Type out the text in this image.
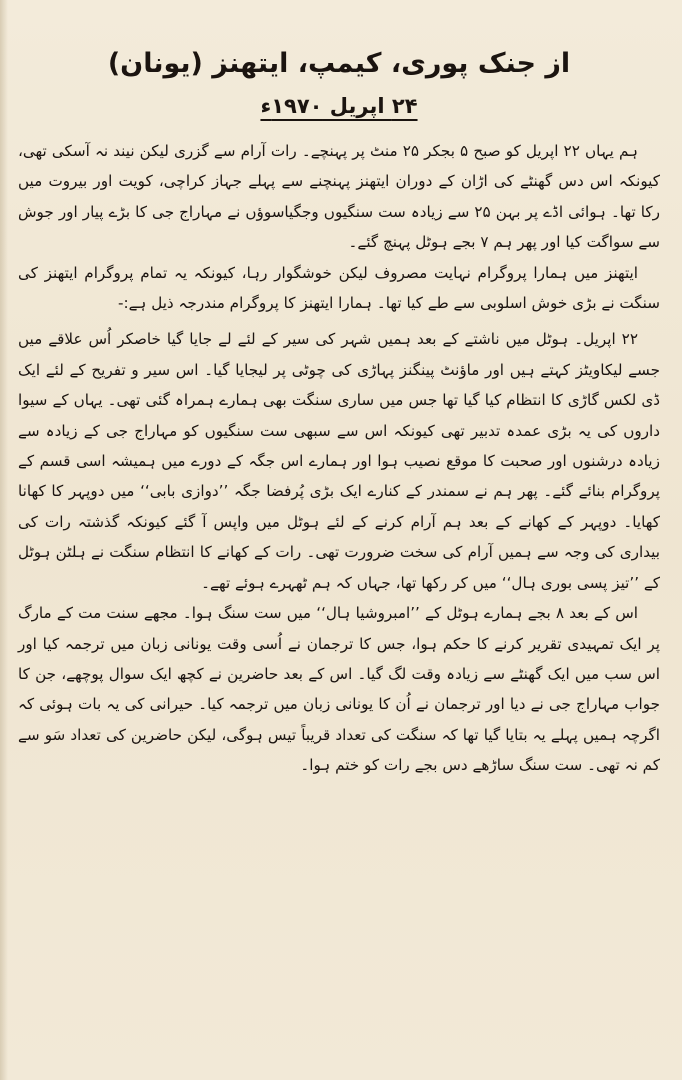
از جنک پوری، کیمپ، ایتھنز (یونان)
۲۴ اپریل ۱۹۷۰ء

ہم یہاں ۲۲ اپریل کو صبح ۵ بجکر ۲۵ منٹ پر پہنچے۔ رات آرام سے گزری لیکن نیند نہ آسکی تھی، کیونکہ اس دس گھنٹے کی اڑان کے دوران ایتھنز پہنچنے سے پہلے جہاز کراچی، کویت اور بیروت میں رکا تھا۔ ہوائی اڈے پر بہن ۲۵ سے زیادہ ست سنگیوں وجگیاسوؤں نے مہاراج جی کا بڑے پیار اور جوش سے سواگت کیا اور پھر ہم ۷ بجے ہوٹل پہنچ گئے۔

ایتھنز میں ہمارا پروگرام نہایت مصروف لیکن خوشگوار رہا، کیونکہ یہ تمام پروگرام ایتھنز کی سنگت نے بڑی خوش اسلوبی سے طے کیا تھا۔ ہمارا ایتھنز کا پروگرام مندرجہ ذیل ہے:-

۲۲ اپریل۔ ہوٹل میں ناشتے کے بعد ہمیں شہر کی سیر کے لئے لے جایا گیا خاصکر اُس علاقے میں جسے لیکاویٹز کہتے ہیں اور ماؤنٹ پینگنز پہاڑی کی چوٹی پر لیجایا گیا۔ اس سیر و تفریح کے لئے ایک ڈی لکس گاڑی کا انتظام کیا گیا تھا جس میں ساری سنگت بھی ہمارے ہمراہ گئی تھی۔ یہاں کے سیوا داروں کی یہ بڑی عمدہ تدبیر تھی کیونکہ اس سے سبھی ست سنگیوں کو مہاراج جی کے زیادہ سے زیادہ درشنوں اور صحبت کا موقع نصیب ہوا اور ہمارے اس جگہ کے دورے میں ہمیشہ اسی قسم کے پروگرام بنائے گئے۔ پھر ہم نے سمندر کے کنارے ایک بڑی پُرفضا جگہ ’’دوازی بابی‘‘ میں دوپہر کا کھانا کھایا۔ دوپہر کے کھانے کے بعد ہم آرام کرنے کے لئے ہوٹل میں واپس آ گئے کیونکہ گذشتہ رات کی بیداری کی وجہ سے ہمیں آرام کی سخت ضرورت تھی۔ رات کے کھانے کا انتظام سنگت نے ہلٹن ہوٹل کے ’’تیز پسی بوری ہال‘‘ میں کر رکھا تھا، جہاں کہ ہم ٹھہرے ہوئے تھے۔

اس کے بعد ۸ بجے ہمارے ہوٹل کے ’’امبروشیا ہال‘‘ میں ست سنگ ہوا۔ مجھے سنت مت کے مارگ پر ایک تمہیدی تقریر کرنے کا حکم ہوا، جس کا ترجمان نے اُسی وقت یونانی زبان میں ترجمہ کیا اور اس سب میں ایک گھنٹے سے زیادہ وقت لگ گیا۔ اس کے بعد حاضرین نے کچھ ایک سوال پوچھے، جن کا جواب مہاراج جی نے دیا اور ترجمان نے اُن کا یونانی زبان میں ترجمہ کیا۔ حیرانی کی یہ بات ہوئی کہ اگرچہ ہمیں پہلے یہ بتایا گیا تھا کہ سنگت کی تعداد قریباً تیس ہوگی، لیکن حاضرین کی تعداد سَو سے کم نہ تھی۔ ست سنگ ساڑھے دس بجے رات کو ختم ہوا۔
